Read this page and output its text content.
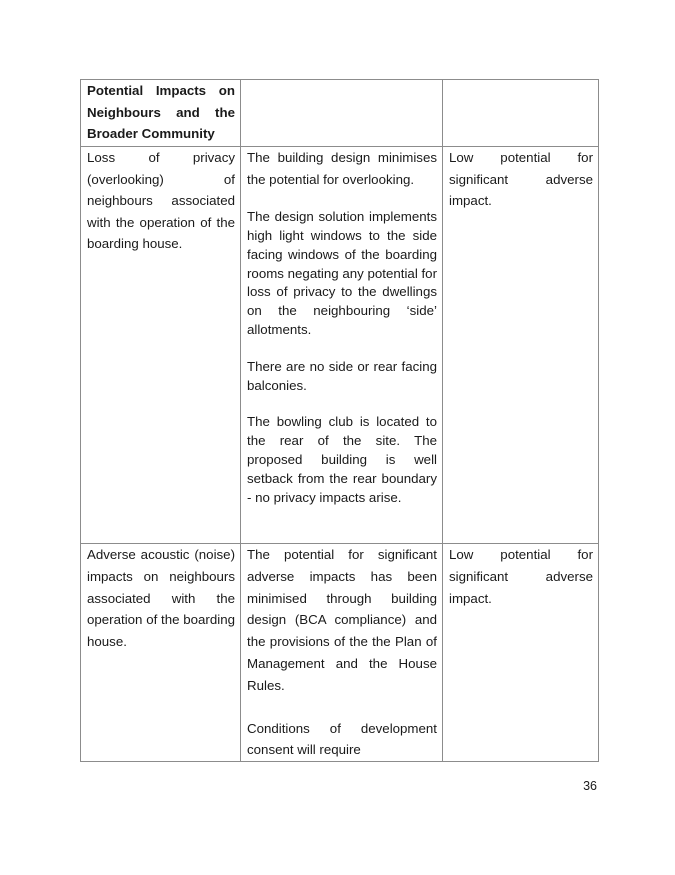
Potential Impacts on Neighbours and the Broader Community		
Loss of privacy (overlooking) of neighbours associated with the operation of the boarding house.	The building design minimises the potential for overlooking.

The design solution implements high light windows to the side facing windows of the boarding rooms negating any potential for loss of privacy to the dwellings on the neighbouring ‘side’ allotments.

There are no side or rear facing balconies.

The bowling club is located to the rear of the site. The proposed building is well setback from the rear boundary - no privacy impacts arise.	Low potential for significant adverse impact.
Adverse acoustic (noise) impacts on neighbours associated with the operation of the boarding house.	The potential for significant adverse impacts has been minimised through building design (BCA compliance) and the provisions of the the Plan of Management and the House Rules.

Conditions of development consent will require	Low potential for significant adverse impact.
36
